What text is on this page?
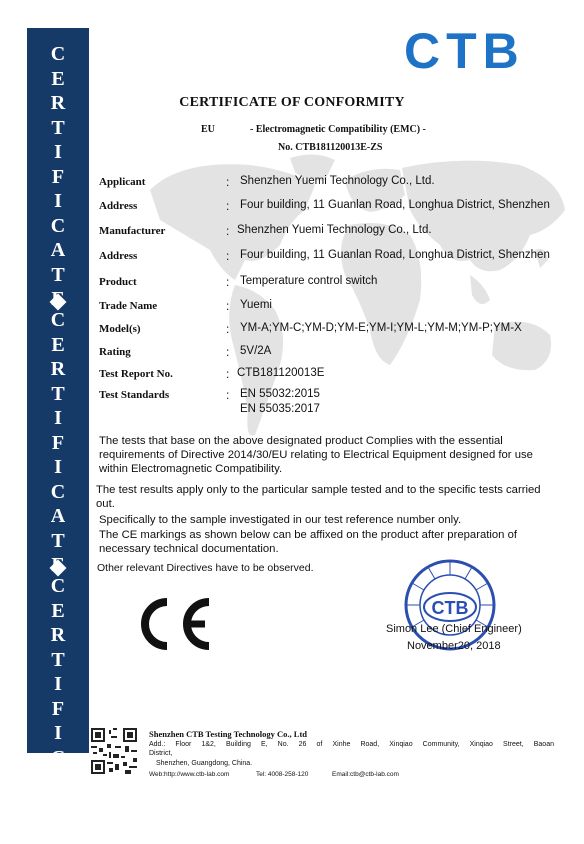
C
E
R
T
I
F
I
C
A
T
C
E
R
T
I
F
I
C
A
T
C
E
R
T
I
F
I
C
A
T
E
CTB
CERTIFICATE OF CONFORMITY
EU	- Electromagnetic Compatibility (EMC) -
No. CTB181120013E-ZS
Applicant	: Shenzhen Yuemi Technology Co., Ltd.
Address	: Four building, 11 Guanlan Road, Longhua District, Shenzhen
Manufacturer	: Shenzhen Yuemi Technology Co., Ltd.
Address	: Four building, 11 Guanlan Road, Longhua District, Shenzhen
Product	: Temperature control switch
Trade Name	: Yuemi
Model(s)	: YM-A;YM-C;YM-D;YM-E;YM-I;YM-L;YM-M;YM-P;YM-X
Rating	: 5V/2A
Test Report No.	: CTB181120013E
Test Standards	: EN 55032:2015
EN 55035:2017
The tests that base on the above designated product Complies with the essential
requirements of Directive 2014/30/EU relating to Electrical Equipment designed for use
within Electromagnetic Compatibility.
The test results apply only to the particular sample tested and to the specific tests carried
out.
Specifically to the sample investigated in our test reference number only.
The CE markings as shown below can be affixed on the product after preparation of
necessary technical documentation.
Other relevant Directives have to be observed.
CTB
Simon Lee (Chief Engineer)
November20, 2018
Shenzhen CTB Testing Technology Co., Ltd
Add.: Floor 1&2, Building E, No. 26 of Xinhe Road, Xinqiao Community, Xinqiao Street, Baoan
District,
Shenzhen, Guangdong, China.
Web:http://www.ctb-lab.com	Tel: 4008-258-120	Email:ctb@ctb-lab.com
